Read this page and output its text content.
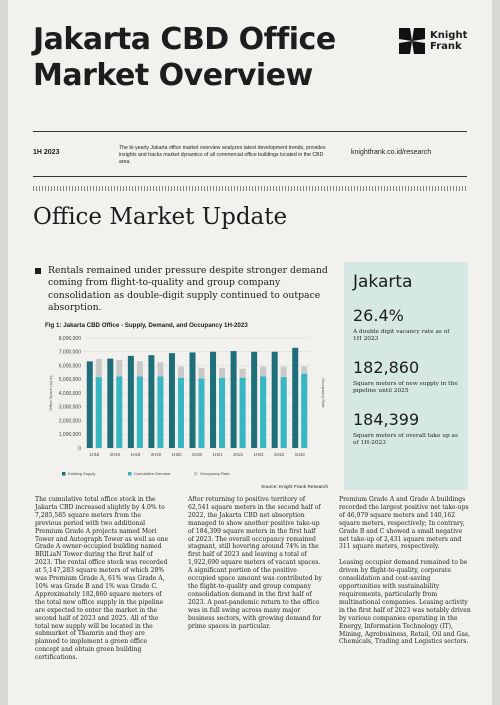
Jakarta CBD Office
Market Overview
Knight
Frank
1H 2023
The bi-yearly Jakarta office market overview analyzes latest development trends, provides insights and tracks market dynamics of all commercial office buildings located in the CBD area.
knightfrank.co.id/research
Office Market Update
Rentals remained under pressure despite stronger demand coming from flight-to-quality and group company consolidation as double-digit supply continued to outpace absorption.
Fig 1: Jakarta CBD Office - Supply, Demand, and Occupancy 1H-2023
8,000,000
7,000,000
6,000,000
5,000,000
4,000,000
3,000,000
2,000,000
1,000,000
0
Office Space (sq m)	Occupancy Rate
1H18	2H18	1H19	2H19	1H20	2H20	1H21	2H21	1H22	2H22	1H23
Existing Supply	Cumulative Demand	Occupancy Rate
Source: Knight Frank Research
Jakarta
26.4%
A double digit vacancy rate as of 1H 2023
182,860
Square meters of new supply in the pipeline until 2025
184,399
Square meters of overall take up as of 1H-2023

The cumulative total office stock in the Jakarta CBD increased slightly by 4.0% to 7,285,585 square meters from the previous period with two additional Premium Grade A projects named Mori Tower and Autograph Tower as well as one Grade A owner-occupied building named BRILiaN Tower during the first half of 2023. The rental office stock was recorded at 5,147,283 square meters of which 28% was Premium Grade A, 61% was Grade A, 10% was Grade B and 1% was Grade C. Approximately 182,860 square meters of the total new office supply in the pipeline are expected to enter the market in the second half of 2023 and 2025. All of the total new supply will be located in the submarket of Thamrin and they are planned to implement a green office concept and obtain green building certifications.

After returning to positive territory of 62,541 square meters in the second half of 2022, the Jakarta CBD net absorption managed to show another positive take-up of 184,399 square meters in the first half of 2023. The overall occupancy remained stagnant, still hovering around 74% in the first half of 2023 and leaving a total of 1,922,690 square meters of vacant spaces. A significant portion of the positive occupied space amount was contributed by the flight-to-quality and group company consolidation demand in the first half of 2023. A post-pandemic return to the office was in full swing across many major business sectors, with growing demand for prime spaces in particular.

Premium Grade A and Grade A buildings recorded the largest positive net take-ups of 46,979 square meters and 140,162 square meters, respectively; In contrary, Grade B and C showed a small negative net take-up of 2,431 square meters and 311 square meters, respectively.

Leasing occupier demand remained to be driven by flight-to-quality, corporate consolidation and cost-saving opportunities with sustainability requirements, particularly from multinational companies. Leasing activity in the first half of 2023 was notably driven by various companies operating in the Energy, Information Technology (IT), Mining, Agrobusiness, Retail, Oil and Gas, Chemicals, Trading and Logistics sectors.
